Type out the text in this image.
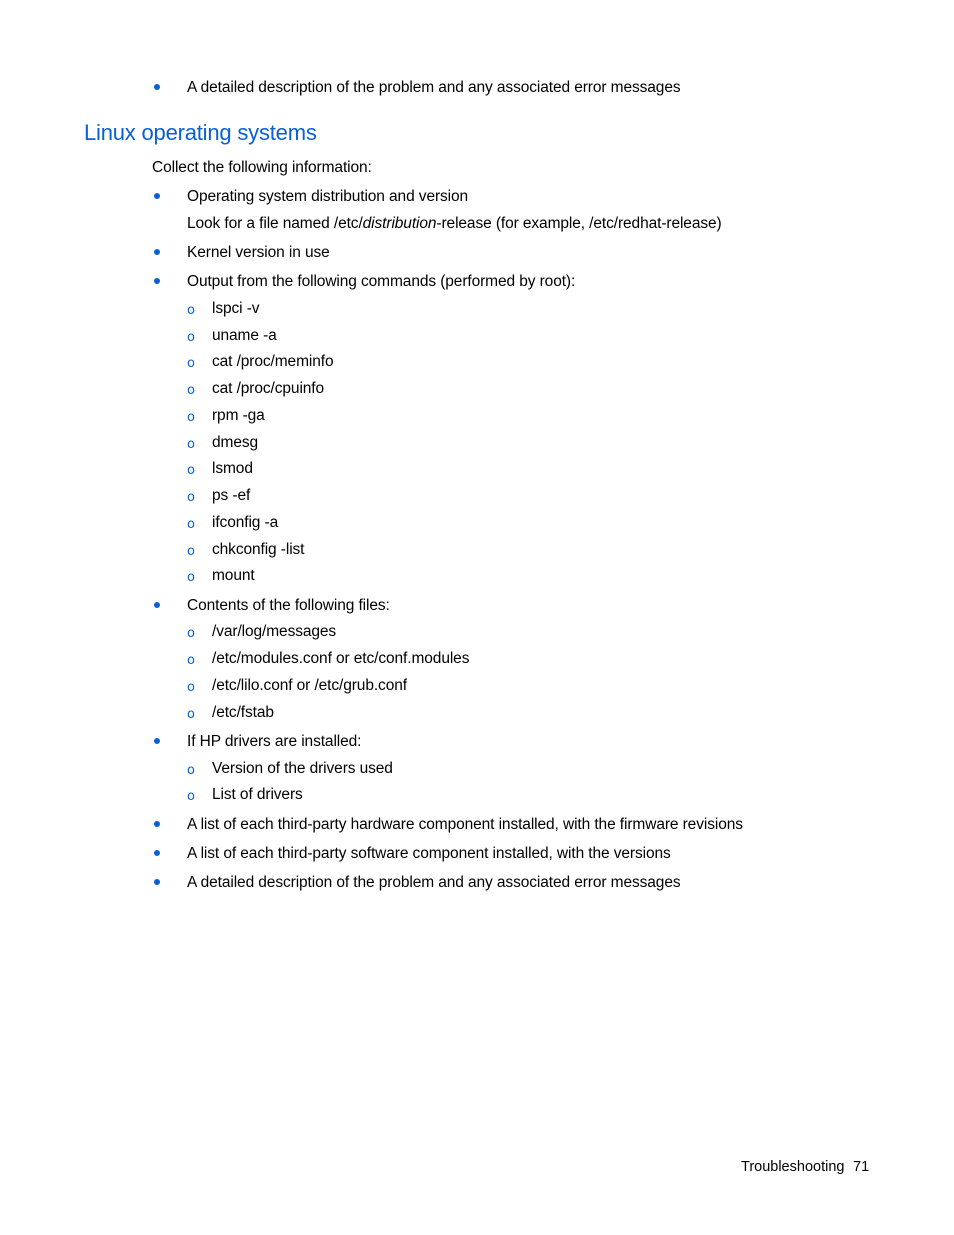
A detailed description of the problem and any associated error messages
Linux operating systems
Collect the following information:
Operating system distribution and version
Look for a file named /etc/distribution-release (for example, /etc/redhat-release)
Kernel version in use
Output from the following commands (performed by root):
o lspci -v
o uname -a
o cat /proc/meminfo
o cat /proc/cpuinfo
o rpm -ga
o dmesg
o lsmod
o ps -ef
o ifconfig -a
o chkconfig -list
o mount
Contents of the following files:
o /var/log/messages
o /etc/modules.conf or etc/conf.modules
o /etc/lilo.conf or /etc/grub.conf
o /etc/fstab
If HP drivers are installed:
o Version of the drivers used
o List of drivers
A list of each third-party hardware component installed, with the firmware revisions
A list of each third-party software component installed, with the versions
A detailed description of the problem and any associated error messages
Troubleshooting 71
